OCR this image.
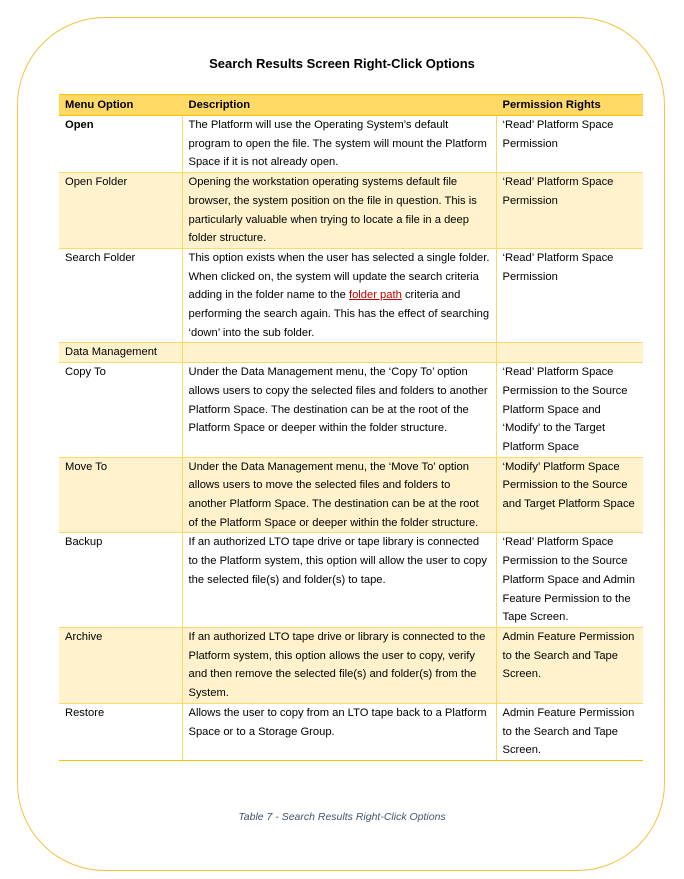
Search Results Screen Right-Click Options
Menu Option	Description	Permission Rights
Open	The Platform will use the Operating System’s default program to open the file. The system will mount the Platform Space if it is not already open.	‘Read’ Platform Space Permission
Open Folder	Opening the workstation operating systems default file browser, the system position on the file in question. This is particularly valuable when trying to locate a file in a deep folder structure.	‘Read’ Platform Space Permission
Search Folder	This option exists when the user has selected a single folder. When clicked on, the system will update the search criteria adding in the folder name to the folder path criteria and performing the search again. This has the effect of searching ‘down’ into the sub folder.	‘Read’ Platform Space Permission
Data Management		
Copy To	Under the Data Management menu, the ‘Copy To’ option allows users to copy the selected files and folders to another Platform Space. The destination can be at the root of the Platform Space or deeper within the folder structure.	‘Read’ Platform Space Permission to the Source Platform Space and ‘Modify’ to the Target Platform Space
Move To	Under the Data Management menu, the ‘Move To’ option allows users to move the selected files and folders to another Platform Space. The destination can be at the root of the Platform Space or deeper within the folder structure.	‘Modify’ Platform Space Permission to the Source and Target Platform Space
Backup	If an authorized LTO tape drive or tape library is connected to the Platform system, this option will allow the user to copy the selected file(s) and folder(s) to tape.	‘Read’ Platform Space Permission to the Source Platform Space and Admin Feature Permission to the Tape Screen.
Archive	If an authorized LTO tape drive or library is connected to the Platform system, this option allows the user to copy, verify and then remove the selected file(s) and folder(s) from the System.	Admin Feature Permission to the Search and Tape Screen.
Restore	Allows the user to copy from an LTO tape back to a Platform Space or to a Storage Group.	Admin Feature Permission to the Search and Tape Screen.
Table 7 - Search Results Right-Click Options
